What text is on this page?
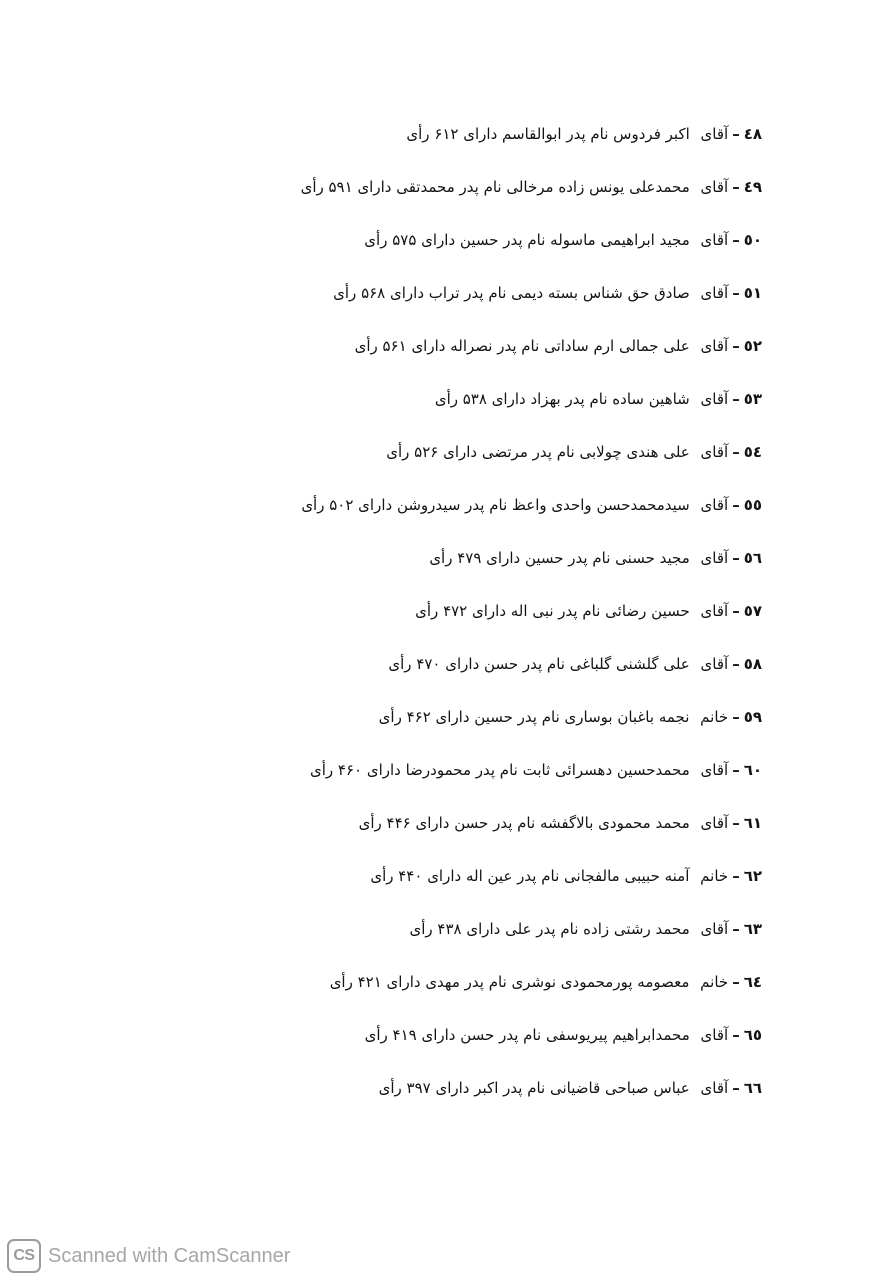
٤٨–آقای اکبر فردوس نام پدر ابوالقاسم دارای ۶۱۲ رأی
٤٩–آقای محمدعلی یونس زاده مرخالی نام پدر محمدتقی دارای ۵۹۱ رأی
٥٠–آقای مجید ابراهیمی ماسوله نام پدر حسین دارای ۵۷۵ رأی
٥١–آقای صادق حق شناس بسته دیمی نام پدر تراب دارای ۵۶۸ رأی
٥٢–آقای علی جمالی ارم ساداتی نام پدر نصراله دارای ۵۶۱ رأی
٥٣–آقای شاهین ساده نام پدر بهزاد دارای ۵۳۸ رأی
٥٤–آقای علی هندی چولابی نام پدر مرتضی دارای ۵۲۶ رأی
٥٥–آقای سیدمحمدحسن واحدی واعظ نام پدر سیدروشن دارای ۵۰۲ رأی
٥٦–آقای مجید حسنی نام پدر حسین دارای ۴۷۹ رأی
٥٧–آقای حسین رضائی نام پدر نبی اله دارای ۴۷۲ رأی
٥٨–آقای علی گلشنی گلباغی نام پدر حسن دارای ۴۷۰ رأی
٥٩–خانم نجمه باغبان بوساری نام پدر حسین دارای ۴۶۲ رأی
٦٠–آقای محمدحسین دهسرائی ثابت نام پدر محمودرضا دارای ۴۶۰ رأی
٦١–آقای محمد محمودی بالاگفشه نام پدر حسن دارای ۴۴۶ رأی
٦٢–خانم آمنه حبیبی مالفجانی نام پدر عین اله دارای ۴۴۰ رأی
٦٣–آقای محمد رشتی زاده نام پدر علی دارای ۴۳۸ رأی
٦٤–خانم معصومه پورمحمودی نوشری نام پدر مهدی دارای ۴۲۱ رأی
٦٥–آقای محمدابراهیم پیریوسفی نام پدر حسن دارای ۴۱۹ رأی
٦٦–آقای عباس صباحی قاضیانی نام پدر اکبر دارای ۳۹۷ رأی
CS Scanned with CamScanner
